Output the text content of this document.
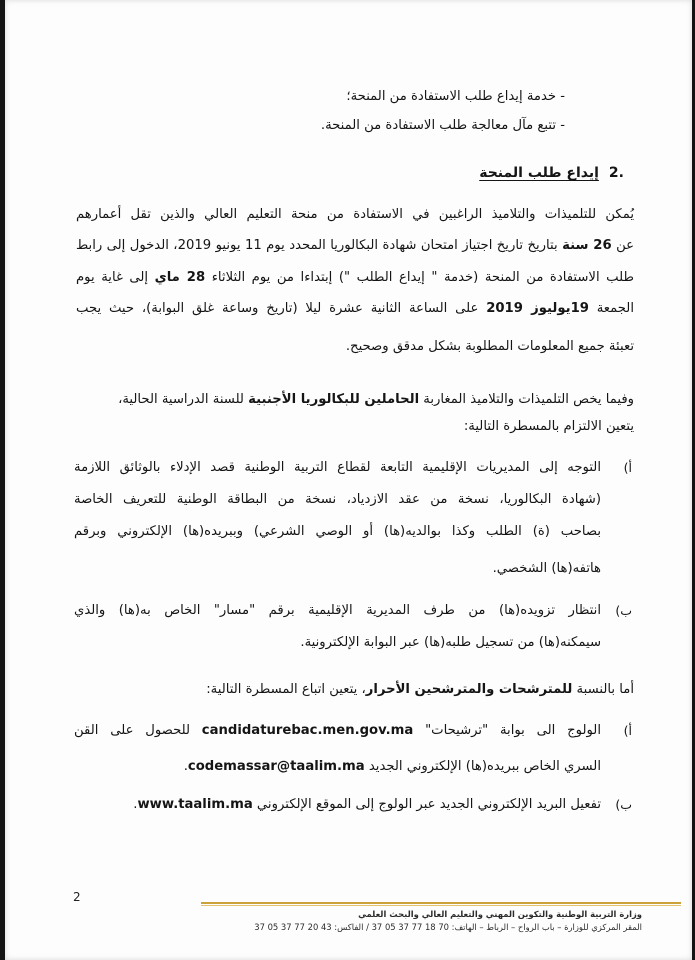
- خدمة إيداع طلب الاستفادة من المنحة؛
- تتبع مآل معالجة طلب الاستفادة من المنحة.
.2إيداع طلب المنحة
يُمكن للتلميذات والتلاميذ الراغبين في الاستفادة من منحة التعليم العالي والذين تقل أعمارهم
عن 26 سنة بتاريخ تاريخ اجتياز امتحان شهادة البكالوريا المحدد يوم 11 يونيو 2019، الدخول إلى رابط
طلب الاستفادة من المنحة (خدمة " إيداع الطلب ") إبتداءا من يوم الثلاثاء 28 ماي إلى غاية يوم
الجمعة 19يوليوز 2019 على الساعة الثانية عشرة ليلا (تاريخ وساعة غلق البوابة)، حيث يجب
تعبئة جميع المعلومات المطلوبة بشكل مدقق وصحيح.
وفيما يخص التلميذات والتلاميذ المغاربة الحاملين للبكالوريا الأجنبية للسنة الدراسية الحالية،
يتعين الالتزام بالمسطرة التالية:
أ)
التوجه إلى المديريات الإقليمية التابعة لقطاع التربية الوطنية قصد الإدلاء بالوثائق اللازمة
(شهادة البكالوريا، نسخة من عقد الازدياد، نسخة من البطاقة الوطنية للتعريف الخاصة
بصاحب (ة) الطلب وكذا بوالديه(ها) أو الوصي الشرعي) وببريده(ها) الإلكتروني وبرقم
هاتفه(ها) الشخصي.
ب)
انتظار تزويده(ها) من طرف المديرية الإقليمية برقم "مسار" الخاص به(ها) والذي
سيمكنه(ها) من تسجيل طلبه(ها) عبر البوابة الإلكترونية.
أما بالنسبة للمترشحات والمترشحين الأحرار، يتعين اتباع المسطرة التالية:
أ)
الولوج الى بوابة "ترشيحات" candidaturebac.men.gov.ma للحصول على القن
السري الخاص ببريده(ها) الإلكتروني الجديد codemassar@taalim.ma.
ب)
تفعيل البريد الإلكتروني الجديد عبر الولوج إلى الموقع الإلكتروني www.taalim.ma.
2
وزارة التربية الوطنية والتكوين المهني والتعليم العالي والبحث العلمي
المقر المركزي للوزارة – باب الرواح – الرباط – الهاتف: 70 18 77 37 05 37 / الفاكس: 43 20 77 37 05 37
